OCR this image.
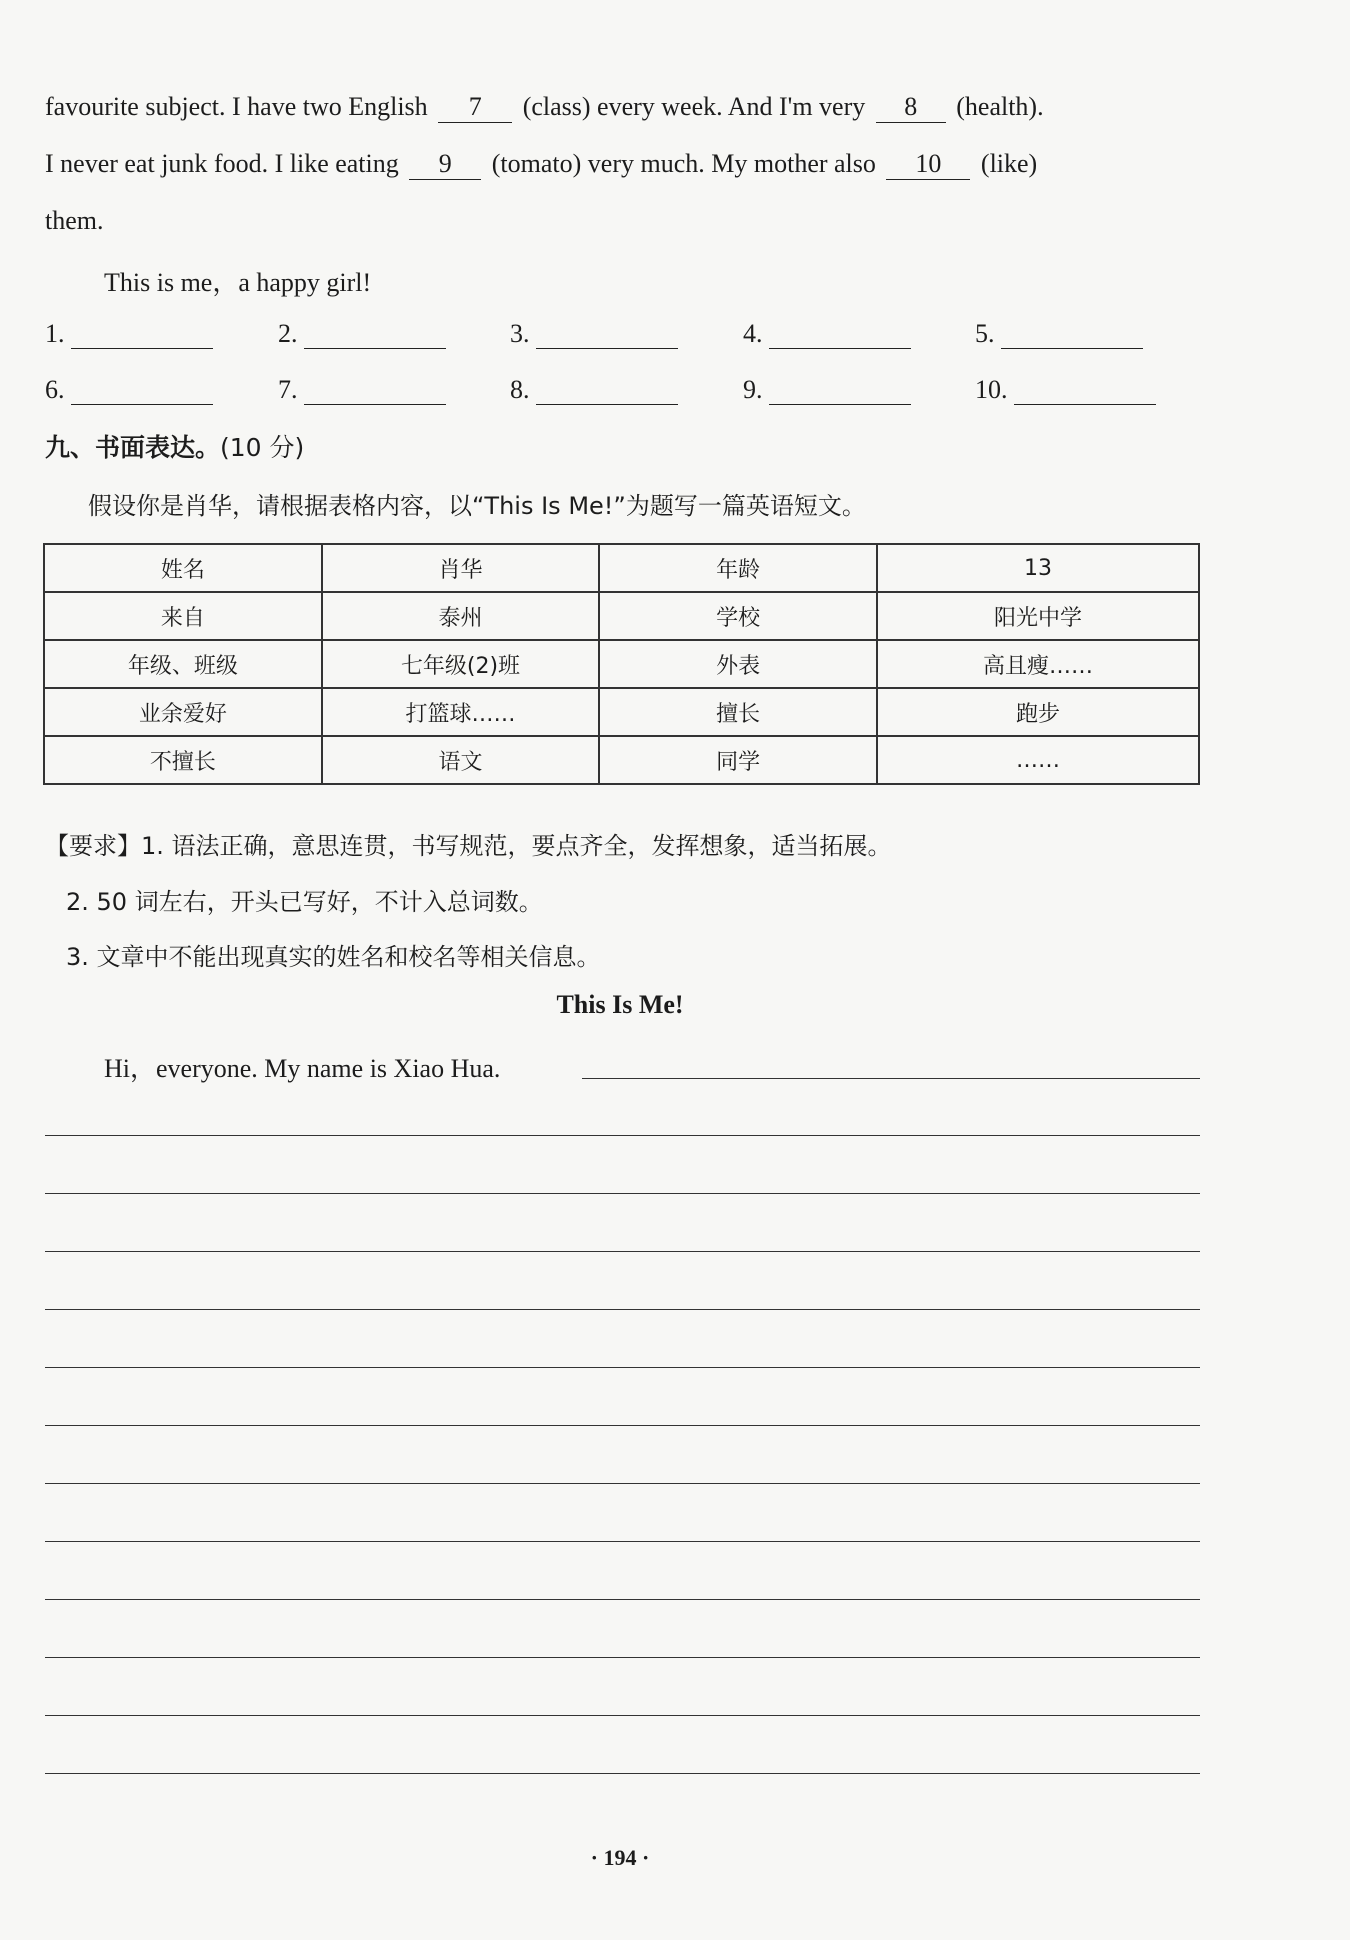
favourite subject. I have two English 7 (class) every week. And I'm very 8 (health).
I never eat junk food. I like eating 9 (tomato) very much. My mother also 10 (like)
them.
This is me，a happy girl!
1.	2.	3.	4.	5.
6.	7.	8.	9.	10.
九、书面表达。(10 分)
假设你是肖华，请根据表格内容，以“This Is Me!”为题写一篇英语短文。
姓名	肖华	年龄	13
来自	泰州	学校	阳光中学
年级、班级	七年级(2)班	外表	高且瘦……
业余爱好	打篮球……	擅长	跑步
不擅长	语文	同学	……
【要求】1. 语法正确，意思连贯，书写规范，要点齐全，发挥想象，适当拓展。
2. 50 词左右，开头已写好，不计入总词数。
3. 文章中不能出现真实的姓名和校名等相关信息。
This Is Me!
Hi，everyone. My name is Xiao Hua.
· 194 ·
